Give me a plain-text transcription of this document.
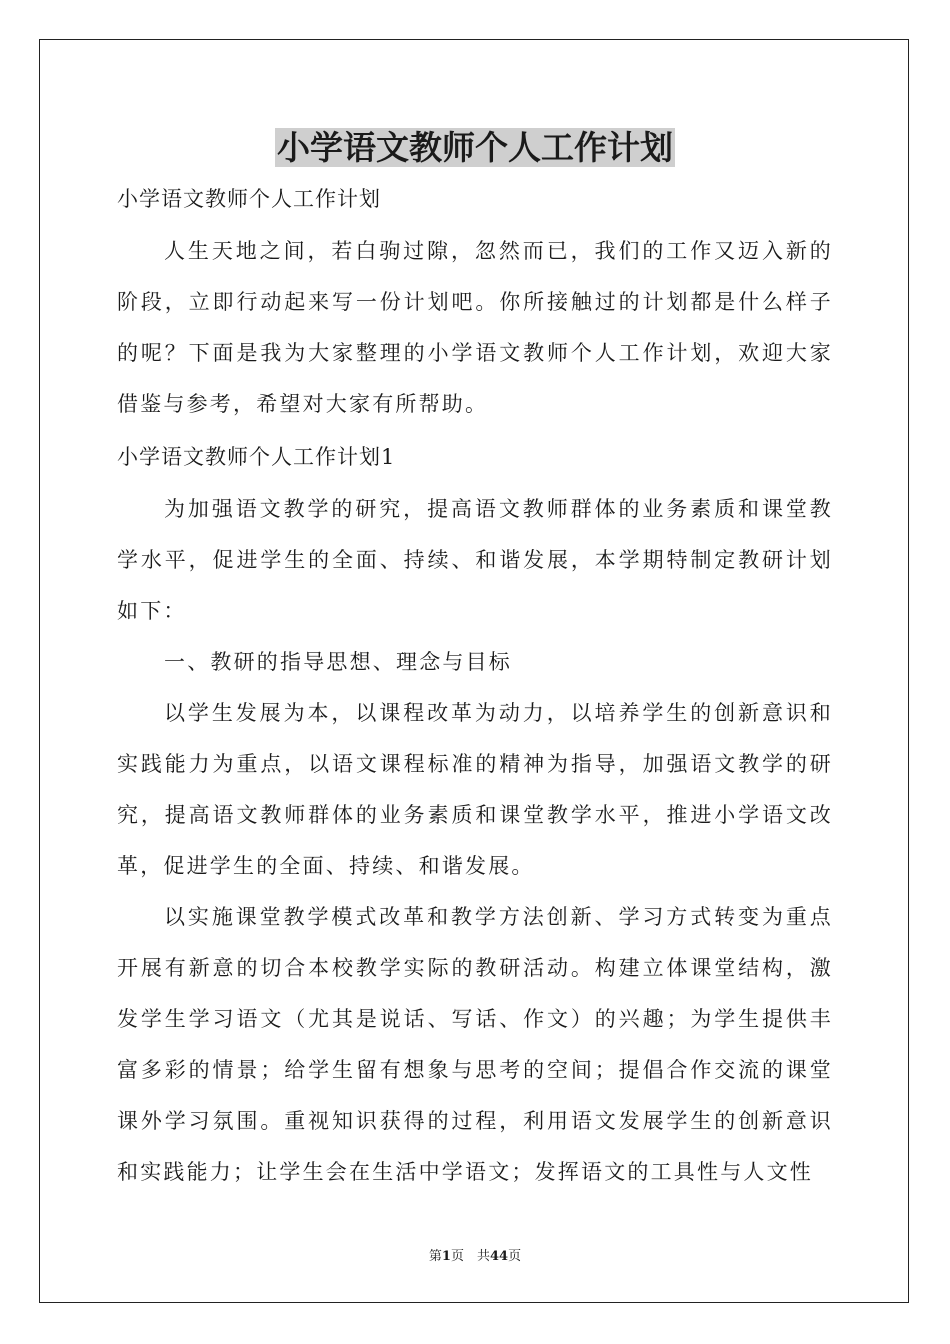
小学语文教师个人工作计划

小学语文教师个人工作计划

人生天地之间，若白驹过隙，忽然而已，我们的工作又迈入新的阶段，立即行动起来写一份计划吧。你所接触过的计划都是什么样子的呢？下面是我为大家整理的小学语文教师个人工作计划，欢迎大家借鉴与参考，希望对大家有所帮助。

小学语文教师个人工作计划1

为加强语文教学的研究，提高语文教师群体的业务素质和课堂教学水平，促进学生的全面、持续、和谐发展，本学期特制定教研计划如下：

一、教研的指导思想、理念与目标

以学生发展为本，以课程改革为动力，以培养学生的创新意识和实践能力为重点，以语文课程标准的精神为指导，加强语文教学的研究，提高语文教师群体的业务素质和课堂教学水平，推进小学语文改革，促进学生的全面、持续、和谐发展。

以实施课堂教学模式改革和教学方法创新、学习方式转变为重点开展有新意的切合本校教学实际的教研活动。构建立体课堂结构，激发学生学习语文（尤其是说话、写话、作文）的兴趣；为学生提供丰富多彩的情景；给学生留有想象与思考的空间；提倡合作交流的课堂课外学习氛围。重视知识获得的过程，利用语文发展学生的创新意识和实践能力；让学生会在生活中学语文；发挥语文的工具性与人文性

第1页　共44页
